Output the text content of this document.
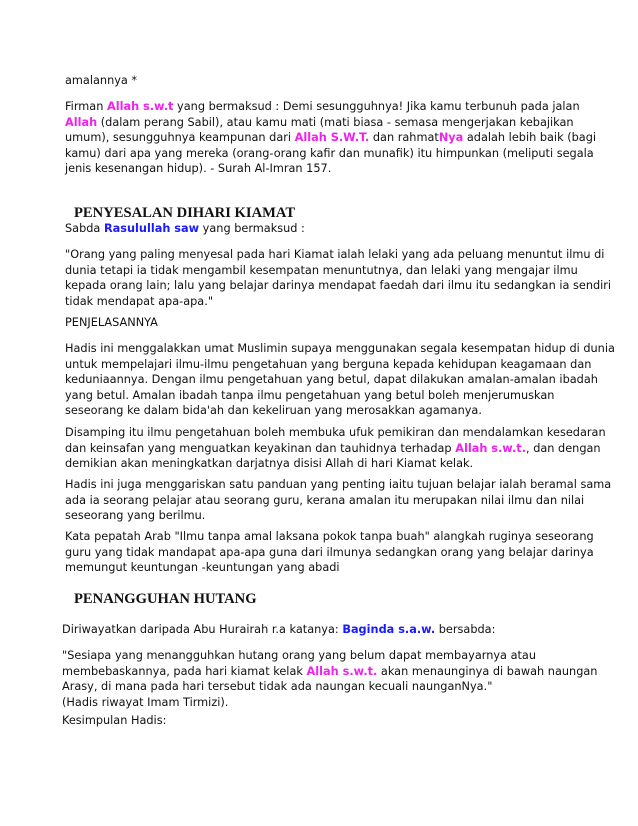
amalannya *

Firman Allah s.w.t yang bermaksud : Demi sesungguhnya! Jika kamu terbunuh pada jalan
Allah (dalam perang Sabil), atau kamu mati (mati biasa - semasa mengerjakan kebajikan
umum), sesungguhnya keampunan dari Allah S.W.T. dan rahmatNya adalah lebih baik (bagi
kamu) dari apa yang mereka (orang-orang kafir dan munafik) itu himpunkan (meliputi segala
jenis kesenangan hidup). - Surah Al-Imran 157.

PENYESALAN DIHARI KIAMAT

Sabda Rasulullah saw yang bermaksud :

"Orang yang paling menyesal pada hari Kiamat ialah lelaki yang ada peluang menuntut ilmu di
dunia tetapi ia tidak mengambil kesempatan menuntutnya, dan lelaki yang mengajar ilmu
kepada orang lain; lalu yang belajar darinya mendapat faedah dari ilmu itu sedangkan ia sendiri
tidak mendapat apa-apa."

PENJELASANNYA

Hadis ini menggalakkan umat Muslimin supaya menggunakan segala kesempatan hidup di dunia
untuk mempelajari ilmu-ilmu pengetahuan yang berguna kepada kehidupan keagamaan dan
keduniaannya. Dengan ilmu pengetahuan yang betul, dapat dilakukan amalan-amalan ibadah
yang betul. Amalan ibadah tanpa ilmu pengetahuan yang betul boleh menjerumuskan
seseorang ke dalam bida'ah dan kekeliruan yang merosakkan agamanya.

Disamping itu ilmu pengetahuan boleh membuka ufuk pemikiran dan mendalamkan kesedaran
dan keinsafan yang menguatkan keyakinan dan tauhidnya terhadap Allah s.w.t., dan dengan
demikian akan meningkatkan darjatnya disisi Allah di hari Kiamat kelak.

Hadis ini juga menggariskan satu panduan yang penting iaitu tujuan belajar ialah beramal sama
ada ia seorang pelajar atau seorang guru, kerana amalan itu merupakan nilai ilmu dan nilai
seseorang yang berilmu.

Kata pepatah Arab "Ilmu tanpa amal laksana pokok tanpa buah" alangkah ruginya seseorang
guru yang tidak mandapat apa-apa guna dari ilmunya sedangkan orang yang belajar darinya
memungut keuntungan -keuntungan yang abadi

PENANGGUHAN HUTANG

Diriwayatkan daripada Abu Hurairah r.a katanya: Baginda s.a.w. bersabda:

"Sesiapa yang menangguhkan hutang orang yang belum dapat membayarnya atau
membebaskannya, pada hari kiamat kelak Allah s.w.t. akan menaunginya di bawah naungan
Arasy, di mana pada hari tersebut tidak ada naungan kecuali naunganNya."
(Hadis riwayat Imam Tirmizi).

Kesimpulan Hadis:
